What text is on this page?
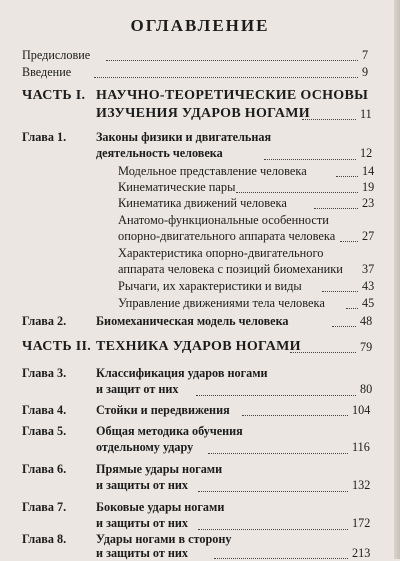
ОГЛАВЛЕНИЕ
Предисловие	7
Введение	9
ЧАСТЬ I. НАУЧНО-ТЕОРЕТИЧЕСКИЕ ОСНОВЫ
ИЗУЧЕНИЯ УДАРОВ НОГАМИ	11
Глава 1. Законы физики и двигательная
деятельность человека	12
Модельное представление человека	14
Кинематические пары	19
Кинематика движений человека	23
Анатомо-функциональные особенности
опорно-двигательного аппарата человека 27
Характеристика опорно-двигательного
аппарата человека с позиций биомеханики 37
Рычаги, их характеристики и виды	43
Управление движениями тела человека	45
Глава 2. Биомеханическая модель человека	48
ЧАСТЬ II. ТЕХНИКА УДАРОВ НОГАМИ	79
Глава 3. Классификация ударов ногами
и защит от них	80
Глава 4. Стойки и передвижения	104
Глава 5. Общая методика обучения
отдельному удару	116
Глава 6. Прямые удары ногами
и защиты от них	132
Глава 7. Боковые удары ногами
и защиты от них	172
Глава 8. Удары ногами в сторону
и защиты от них	213
